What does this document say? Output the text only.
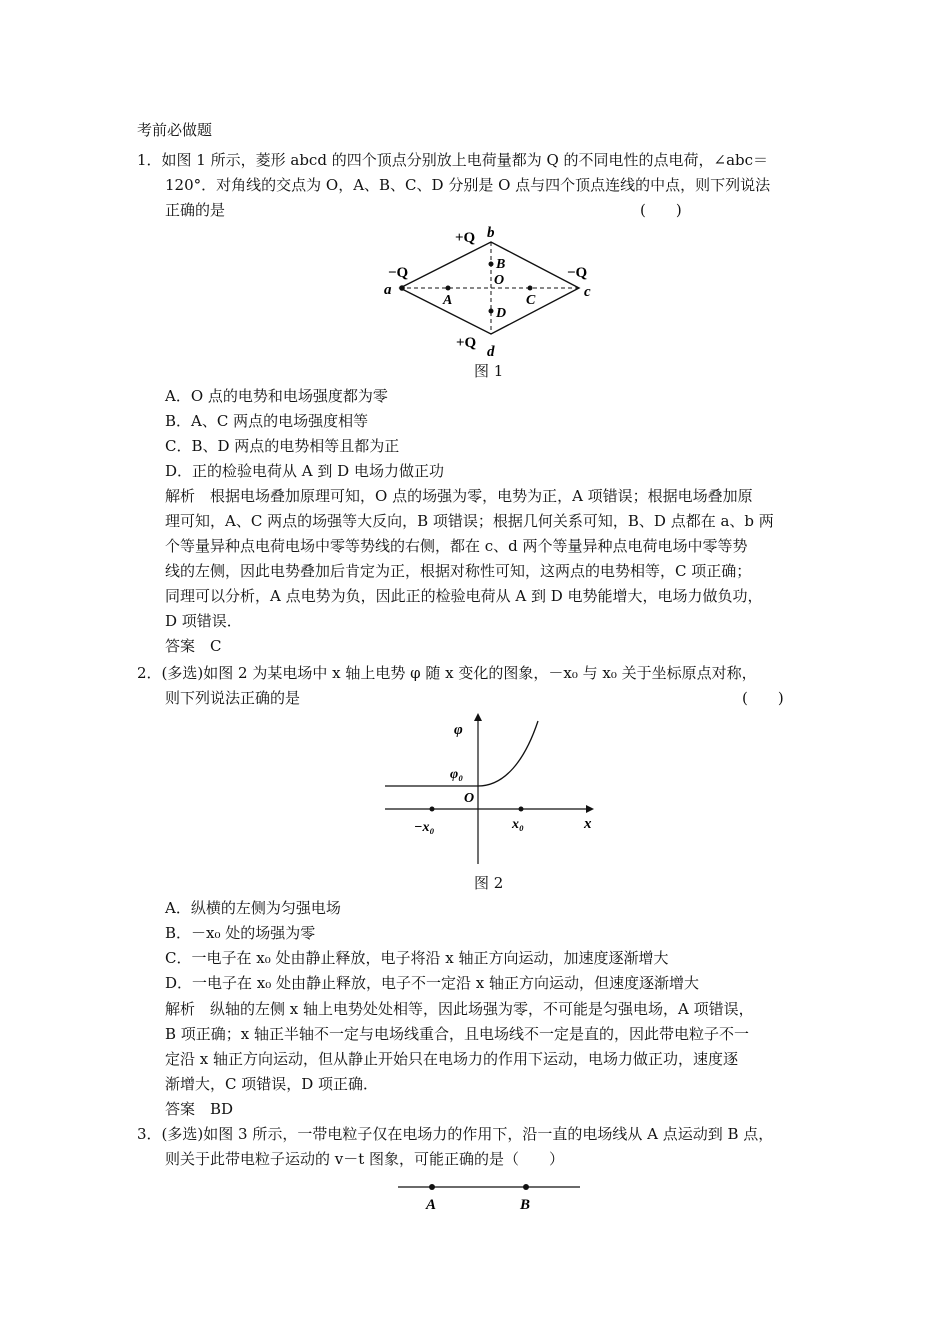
考前必做题
1．如图 1 所示，菱形 abcd 的四个顶点分别放上电荷量都为 Q 的不同电性的点电荷，∠abc＝
120°．对角线的交点为 O，A、B、C、D 分别是 O 点与四个顶点连线的中点，则下列说法
正确的是	(　　)
+Q b
−Q
a
−Q
c
B
O
A	C
D
+Q
d
图 1
A．O 点的电势和电场强度都为零
B．A、C 两点的电场强度相等
C．B、D 两点的电势相等且都为正
D．正的检验电荷从 A 到 D 电场力做正功
解析　根据电场叠加原理可知，O 点的场强为零，电势为正，A 项错误；根据电场叠加原
理可知，A、C 两点的场强等大反向，B 项错误；根据几何关系可知，B、D 点都在 a、b 两
个等量异种点电荷电场中零等势线的右侧，都在 c、d 两个等量异种点电荷电场中零等势
线的左侧，因此电势叠加后肯定为正，根据对称性可知，这两点的电势相等，C 项正确；
同理可以分析，A 点电势为负，因此正的检验电荷从 A 到 D 电势能增大，电场力做负功，
D 项错误．
答案　C
2．(多选)如图 2 为某电场中 x 轴上电势 φ 随 x 变化的图象，－x₀ 与 x₀ 关于坐标原点对称，
则下列说法正确的是	(　　)
φ
φ₀
O
−x₀	x₀	x
图 2
A．纵横的左侧为匀强电场
B．－x₀ 处的场强为零
C．一电子在 x₀ 处由静止释放，电子将沿 x 轴正方向运动，加速度逐渐增大
D．一电子在 x₀ 处由静止释放，电子不一定沿 x 轴正方向运动，但速度逐渐增大
解析　纵轴的左侧 x 轴上电势处处相等，因此场强为零，不可能是匀强电场，A 项错误，
B 项正确；x 轴正半轴不一定与电场线重合，且电场线不一定是直的，因此带电粒子不一
定沿 x 轴正方向运动，但从静止开始只在电场力的作用下运动，电场力做正功，速度逐
渐增大，C 项错误，D 项正确．
答案　BD
3．(多选)如图 3 所示，一带电粒子仅在电场力的作用下，沿一直的电场线从 A 点运动到 B 点，
则关于此带电粒子运动的 v－t 图象，可能正确的是（　　）
A	B
